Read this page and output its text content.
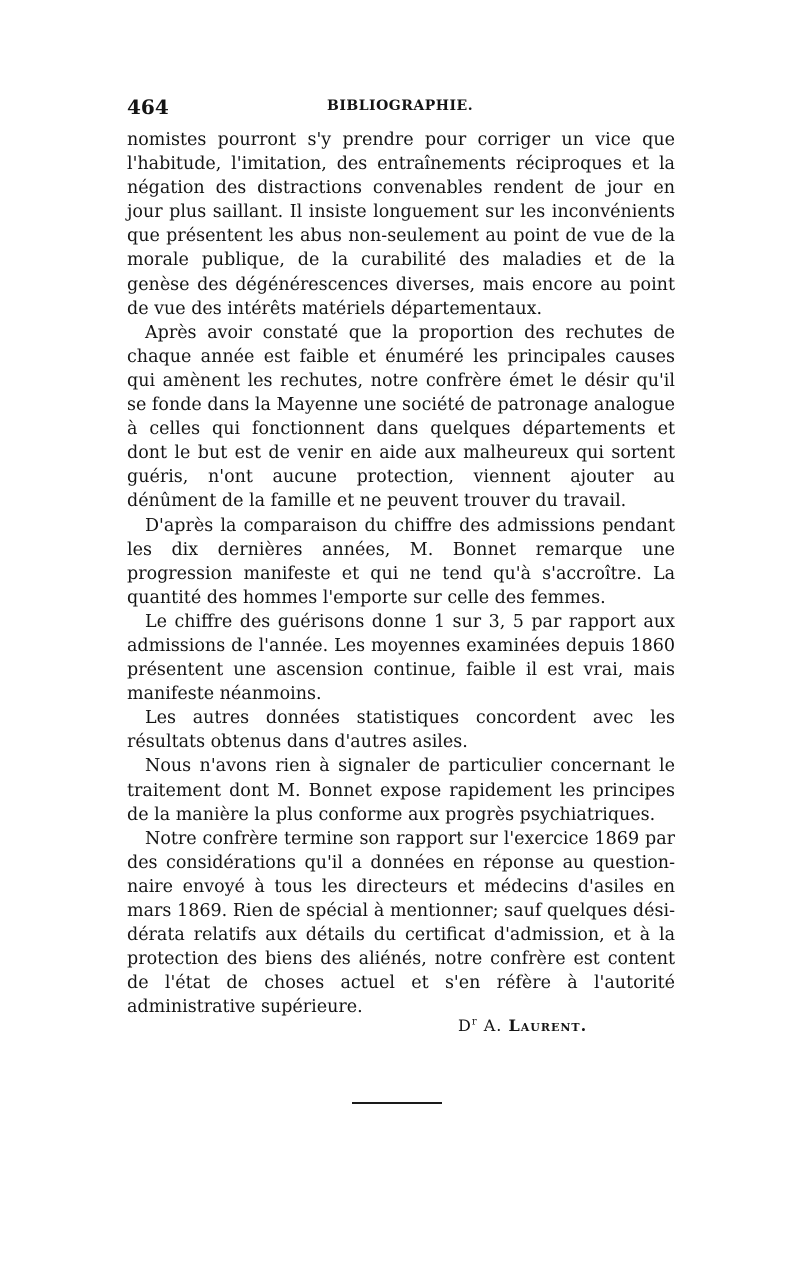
464	BIBLIOGRAPHIE.

nomistes pourront s'y prendre pour corriger un vice que l'habitude, l'imitation, des entraînements réciproques et la négation des distractions convenables rendent de jour en jour plus saillant. Il insiste longuement sur les inconvénients que présentent les abus non-seulement au point de vue de la morale publique, de la curabilité des maladies et de la genèse des dégénérescences diverses, mais encore au point de vue des intérêts matériels départementaux.

Après avoir constaté que la proportion des rechutes de chaque année est faible et énuméré les principales causes qui amènent les rechutes, notre confrère émet le désir qu'il se fonde dans la Mayenne une société de patronage analogue à celles qui fonctionnent dans quelques départements et dont le but est de venir en aide aux malheureux qui sortent guéris, n'ont aucune protection, viennent ajouter au dénûment de la famille et ne peuvent trouver du travail.

D'après la comparaison du chiffre des admissions pendant les dix dernières années, M. Bonnet remarque une progression manifeste et qui ne tend qu'à s'accroître. La quantité des hommes l'emporte sur celle des femmes.

Le chiffre des guérisons donne 1 sur 3, 5 par rapport aux admissions de l'année. Les moyennes examinées depuis 1860 présentent une ascension continue, faible il est vrai, mais manifeste néanmoins.

Les autres données statistiques concordent avec les résultats obtenus dans d'autres asiles.

Nous n'avons rien à signaler de particulier concernant le traitement dont M. Bonnet expose rapidement les principes de la manière la plus conforme aux progrès psychiatriques.

Notre confrère termine son rapport sur l'exercice 1869 par des considérations qu'il a données en réponse au questionnaire envoyé à tous les directeurs et médecins d'asiles en mars 1869. Rien de spécial à mentionner; sauf quelques désidérata relatifs aux détails du certificat d'admission, et à la protection des biens des aliénés, notre confrère est content de l'état de choses actuel et s'en réfère à l'autorité administrative supérieure.

$D^r$ A. Laurent.
